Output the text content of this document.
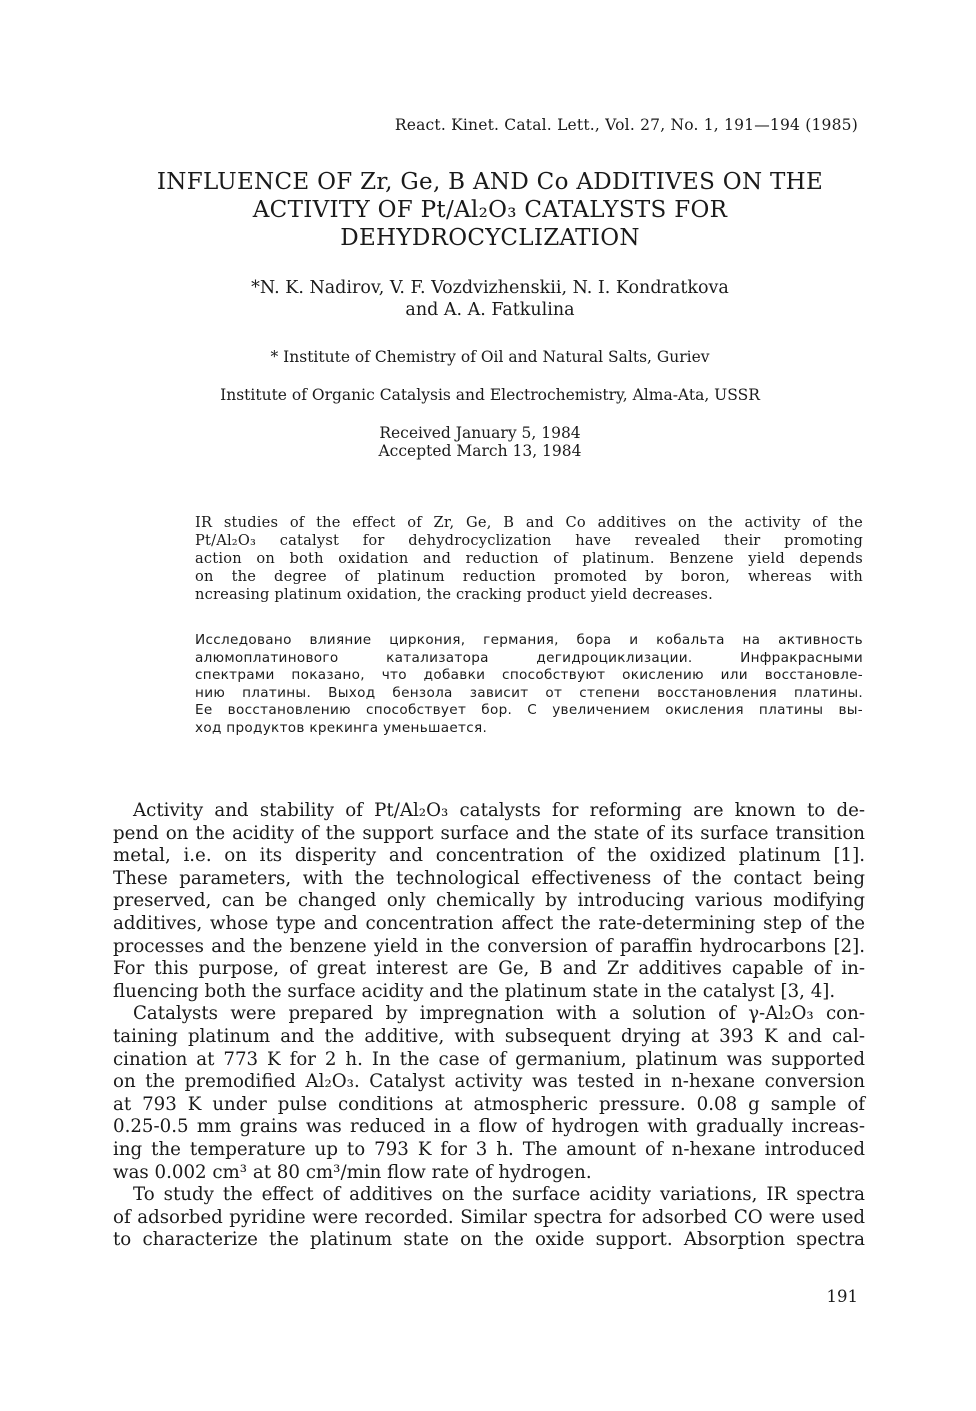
React. Kinet. Catal. Lett., Vol. 27, No. 1, 191—194 (1985)
INFLUENCE OF Zr, Ge, B AND Co ADDITIVES ON THE
ACTIVITY OF Pt/Al₂O₃ CATALYSTS FOR
DEHYDROCYCLIZATION
*N. K. Nadirov, V. F. Vozdvizhenskii, N. I. Kondratkova
and A. A. Fatkulina
* Institute of Chemistry of Oil and Natural Salts, Guriev
Institute of Organic Catalysis and Electrochemistry, Alma-Ata, USSR
Received January 5, 1984
Accepted March 13, 1984
IR studies of the effect of Zr, Ge, B and Co additives on the activity of the
Pt/Al₂O₃ catalyst for dehydrocyclization have revealed their promoting
action on both oxidation and reduction of platinum. Benzene yield depends
on the degree of platinum reduction promoted by boron, whereas with
ncreasing platinum oxidation, the cracking product yield decreases.
Исследовано влияние циркония, германия, бора и кобальта на активность
алюмоплатинового катализатора дегидроциклизации. Инфракрасными
спектрами показано, что добавки способствуют окислению или восстановле-
нию платины. Выход бензола зависит от степени восстановления платины.
Ее восстановлению способствует бор. С увеличением окисления платины вы-
ход продуктов крекинга уменьшается.
Activity and stability of Pt/Al₂O₃ catalysts for reforming are known to de-
pend on the acidity of the support surface and the state of its surface transition
metal, i.e. on its disperity and concentration of the oxidized platinum [1].
These parameters, with the technological effectiveness of the contact being
preserved, can be changed only chemically by introducing various modifying
additives, whose type and concentration affect the rate-determining step of the
processes and the benzene yield in the conversion of paraffin hydrocarbons [2].
For this purpose, of great interest are Ge, B and Zr additives capable of in-
fluencing both the surface acidity and the platinum state in the catalyst [3, 4].
Catalysts were prepared by impregnation with a solution of γ-Al₂O₃ con-
taining platinum and the additive, with subsequent drying at 393 K and cal-
cination at 773 K for 2 h. In the case of germanium, platinum was supported
on the premodified Al₂O₃. Catalyst activity was tested in n-hexane conversion
at 793 K under pulse conditions at atmospheric pressure. 0.08 g sample of
0.25-0.5 mm grains was reduced in a flow of hydrogen with gradually increas-
ing the temperature up to 793 K for 3 h. The amount of n-hexane introduced
was 0.002 cm³ at 80 cm³/min flow rate of hydrogen.
To study the effect of additives on the surface acidity variations, IR spectra
of adsorbed pyridine were recorded. Similar spectra for adsorbed CO were used
to characterize the platinum state on the oxide support. Absorption spectra
191
